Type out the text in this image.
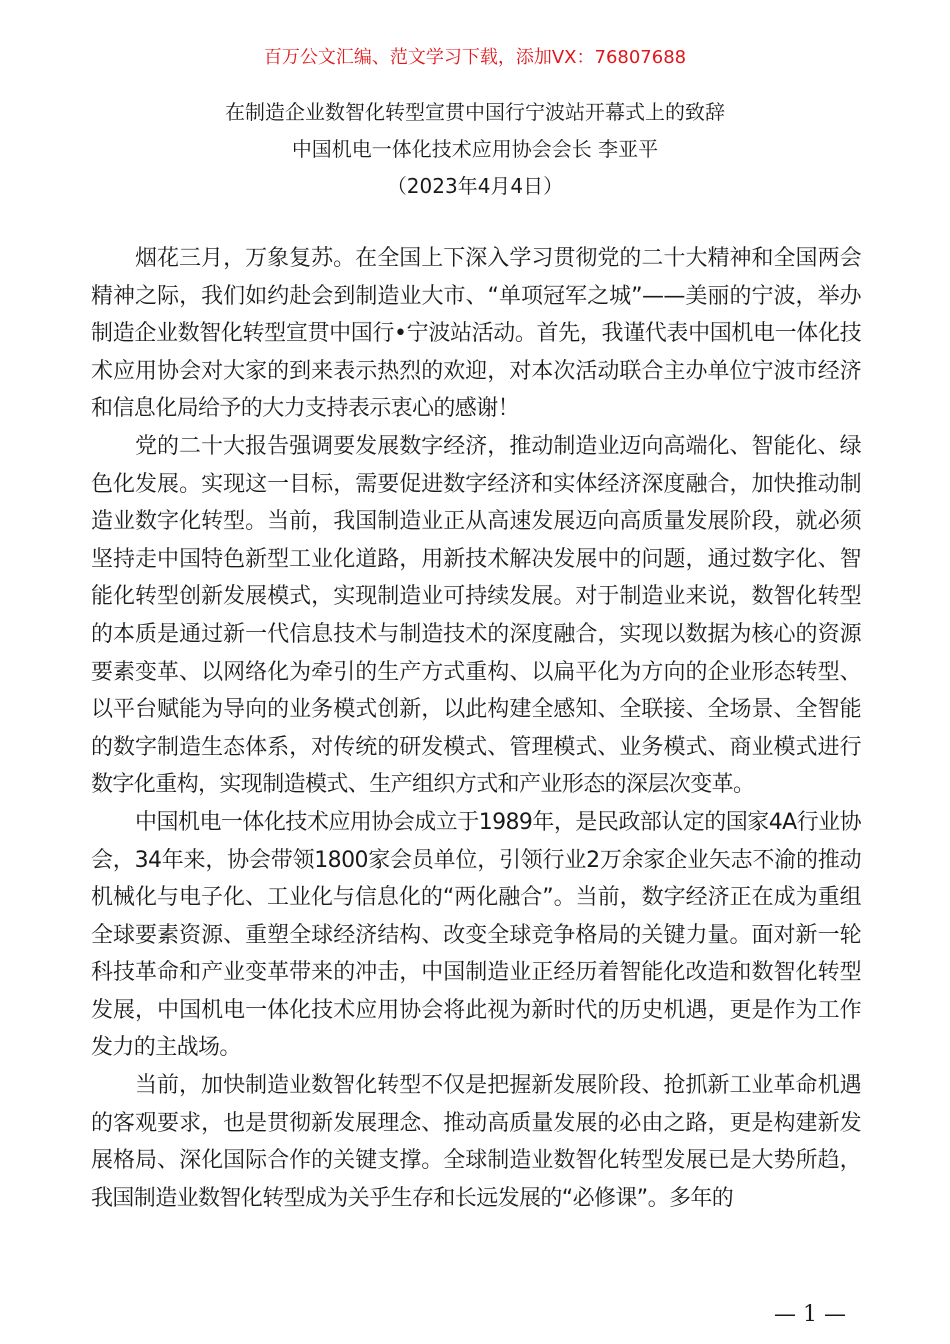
百万公文汇编、范文学习下载，添加VX：76807688
在制造企业数智化转型宣贯中国行宁波站开幕式上的致辞
中国机电一体化技术应用协会会长 李亚平
（2023年4月4日）

烟花三月，万象复苏。在全国上下深入学习贯彻党的二十大精神和全国两会精神之际，我们如约赴会到制造业大市、“单项冠军之城”——美丽的宁波，举办制造企业数智化转型宣贯中国行•宁波站活动。首先，我谨代表中国机电一体化技术应用协会对大家的到来表示热烈的欢迎，对本次活动联合主办单位宁波市经济和信息化局给予的大力支持表示衷心的感谢！

党的二十大报告强调要发展数字经济，推动制造业迈向高端化、智能化、绿色化发展。实现这一目标，需要促进数字经济和实体经济深度融合，加快推动制造业数字化转型。当前，我国制造业正从高速发展迈向高质量发展阶段，就必须坚持走中国特色新型工业化道路，用新技术解决发展中的问题，通过数字化、智能化转型创新发展模式，实现制造业可持续发展。对于制造业来说，数智化转型的本质是通过新一代信息技术与制造技术的深度融合，实现以数据为核心的资源要素变革、以网络化为牵引的生产方式重构、以扁平化为方向的企业形态转型、以平台赋能为导向的业务模式创新，以此构建全感知、全联接、全场景、全智能的数字制造生态体系，对传统的研发模式、管理模式、业务模式、商业模式进行数字化重构，实现制造模式、生产组织方式和产业形态的深层次变革。

中国机电一体化技术应用协会成立于1989年，是民政部认定的国家4A行业协会，34年来，协会带领1800家会员单位，引领行业2万余家企业矢志不渝的推动机械化与电子化、工业化与信息化的“两化融合”。当前，数字经济正在成为重组全球要素资源、重塑全球经济结构、改变全球竞争格局的关键力量。面对新一轮科技革命和产业变革带来的冲击，中国制造业正经历着智能化改造和数智化转型发展，中国机电一体化技术应用协会将此视为新时代的历史机遇，更是作为工作发力的主战场。

当前，加快制造业数智化转型不仅是把握新发展阶段、抢抓新工业革命机遇的客观要求，也是贯彻新发展理念、推动高质量发展的必由之路，更是构建新发展格局、深化国际合作的关键支撑。全球制造业数智化转型发展已是大势所趋，我国制造业数智化转型成为关乎生存和长远发展的“必修课”。多年的

— 1 —
